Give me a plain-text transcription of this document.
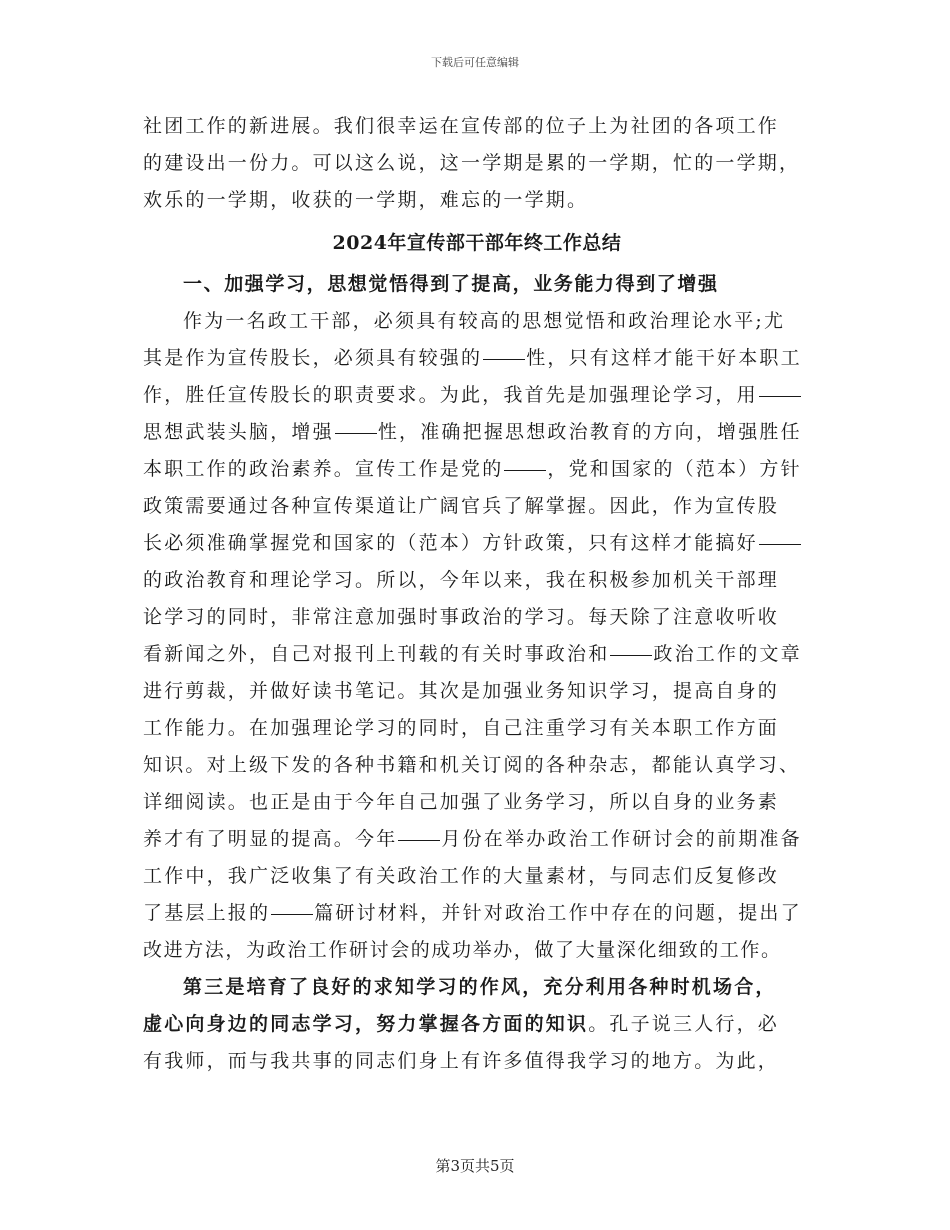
下载后可任意编辑
社团工作的新进展。我们很幸运在宣传部的位子上为社团的各项工作
的建设出一份力。可以这么说，这一学期是累的一学期，忙的一学期，
欢乐的一学期，收获的一学期，难忘的一学期。
2024年宣传部干部年终工作总结
一、加强学习，思想觉悟得到了提高，业务能力得到了增强
作为一名政工干部，必须具有较高的思想觉悟和政治理论水平;尤
其是作为宣传股长，必须具有较强的 性，只有这样才能干好本职工
作，胜任宣传股长的职责要求。为此，我首先是加强理论学习，用
思想武装头脑，增强 性，准确把握思想政治教育的方向，增强胜任
本职工作的政治素养。宣传工作是党的 ，党和国家的（范本）方针
政策需要通过各种宣传渠道让广阔官兵了解掌握。因此，作为宣传股
长必须准确掌握党和国家的（范本）方针政策，只有这样才能搞好
的政治教育和理论学习。所以，今年以来，我在积极参加机关干部理
论学习的同时，非常注意加强时事政治的学习。每天除了注意收听收
看新闻之外，自己对报刊上刊载的有关时事政治和 政治工作的文章
进行剪裁，并做好读书笔记。其次是加强业务知识学习，提高自身的
工作能力。在加强理论学习的同时，自己注重学习有关本职工作方面
知识。对上级下发的各种书籍和机关订阅的各种杂志，都能认真学习、
详细阅读。也正是由于今年自己加强了业务学习，所以自身的业务素
养才有了明显的提高。今年 月份在举办政治工作研讨会的前期准备
工作中，我广泛收集了有关政治工作的大量素材，与同志们反复修改
了基层上报的 篇研讨材料，并针对政治工作中存在的问题，提出了
改进方法，为政治工作研讨会的成功举办，做了大量深化细致的工作。
第三是培育了良好的求知学习的作风，充分利用各种时机场合，
虚心向身边的同志学习，努力掌握各方面的知识。孔子说三人行，必
有我师，而与我共事的同志们身上有许多值得我学习的地方。为此，
第3页共5页
